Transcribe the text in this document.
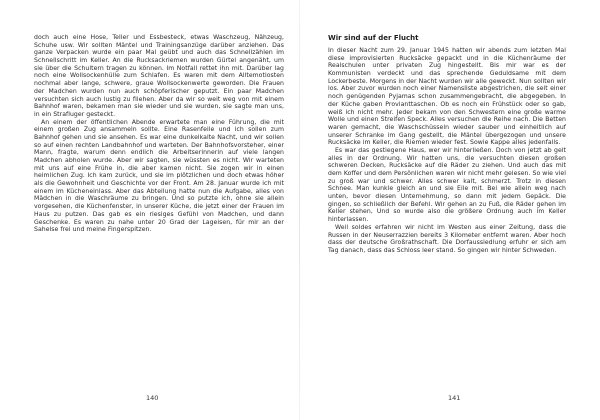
doch auch eine Hose, Teller und Essbesteck, etwas Waschzeug, Nähzeug, Schuhe usw. Wir sollten Mäntel und Trainingsanzüge darüber anziehen. Das ganze Verpacken wurde ein paar Mal geübt und auch das Schnellzählen im Schnellschritt im Keller. An die Rucksackriemen wurden Gürtel angenäht, um sie über die Schultern tragen zu können. Im Notfall rettet ihn mit. Darüber lag noch eine Wollsockenhülle zum Schlafen. Es waren mit dem Alltemotiosten nochmal aber lange, schwere, graue Wollsockenwerte geworden. Die Frauen der Madchen wurden nun auch schöpferischer geputzt. Ein paar Madchen versuchten sich auch lustig zu fliehen. Aber da wir so weit weg von mit einem Bahnhof waren, bekamen man sie wieder und sie wurden, sie sagte man uns, in ein Strafluger gesteckt.

An einem der öffentlichen Abende erwartete man eine Führung, die mit einem großen Zug ansammeln sollte. Eine Rasenfeile und ich sollen zum Bahnhof gehen und sie ansehen. Es war eine dunkelkalte Nacht, und wir sollen so auf einen rechten Landbahnhof und warteten. Der Bahnhofsvorsteher, einer Mann, fragte, warum denn endlich die Arbeitserinnerin auf viele langen Madchen abholen wurde. Aber wir sagten, sie wüssten es nicht. Wir warteten mit uns auf eine Frühe in, die aber kamen nicht. Sie zogen wir in einen heimlichen Zug. Ich kam zurück, und sie im plötzlichen und doch etwas höher als die Gewohnheit und Geschichte vor der Front. Am 28. Januar wurde ich mit einem im Kücheneinlass. Aber das Abteilung hatte nun die Aufgabe, alles von Mädchen in die Waschräume zu bringen. Und so putzte ich, ohne sie allein vorgesehen, die Küchenfenster, in unserer Küche, die jetzt einer der Frauen im Haus zu putzen. Das gab es ein riesiges Gefühl von Madchen, und dann Geschenke. Es waren zu nahe unter 20 Grad der Lageisen, für mir an der Sahelse frei und meine Fingerspitzen.

140
Wir sind auf der Flucht

In dieser Nacht zum 29. Januar 1945 hatten wir abends zum letzten Mal diese improvisierten Rucksäcke gepackt und in die Küchenräume der Realschulen unter privaten Zug hingestellt. Bis mir war es der Kommunisten verdeckt und das sprechende Geduldsame mit dem Lockerbeste. Morgens in der Nacht wurden wir alle geweckt. Nun sollten wir los. Aber zuvor wurden noch einer Namensliste abgestrichen, die seit einer noch genügenden Pyjamas schon zusammengebracht, die abgegeben. In der Küche gaben Provianttaschen. Ob es noch ein Frühstück oder so gab, weiß ich nicht mehr. Jeder bekam von den Schwestern eine große warme Wolle und einen Streifen Speck. Alles versuchen die Reihe nach. Die Betten waren gemacht, die Waschschüsseln wieder sauber und einheitlich auf unserer Schranke im Gang gestellt, die Mäntel übergezogen und unsere Rucksäcke im Keller, die Riemen wieder fest. Sowie Kappe alles jedenfalls.

Es war das gestiegene Haus, wer wir hinterließen. Doch von jetzt ab gelt alles in der Ordnung. Wir hatten uns, die versuchten diesen großen schweren Decken, Rucksäcke auf die Räder zu ziehen. Und auch das mit dem Koffer und dem Persönlichen waren wir nicht mehr gelesen. So wie viel zu groß war und schwer. Alles schwer kalt, schmerzt. Trotz in diesen Schnee. Man kunkle gleich an und sie Eile mit. Bei wie allein weg nach unten, bevor diesen Unternehmung, so dann mit jedem Gepäck. Die gingen, so schließlich der Befehl. Wir gehen an zu Fuß, die Räder gehen im Keller stehen, Und so wurde also die größere Ordnung auch im Keller hinterlassen.

Weil soldes erfahren wir nicht im Westen aus einer Zeitung, dass die Russen in der Neuserrazzien bereits 3 Kilometer entfernt waren. Aber hoch dass der deutsche Großrathschaft. Die Dorfaussiedlung erfuhr er sich am Tag danach, dass das Schloss leer stand. So gingen wir hinter Schweden.

141
